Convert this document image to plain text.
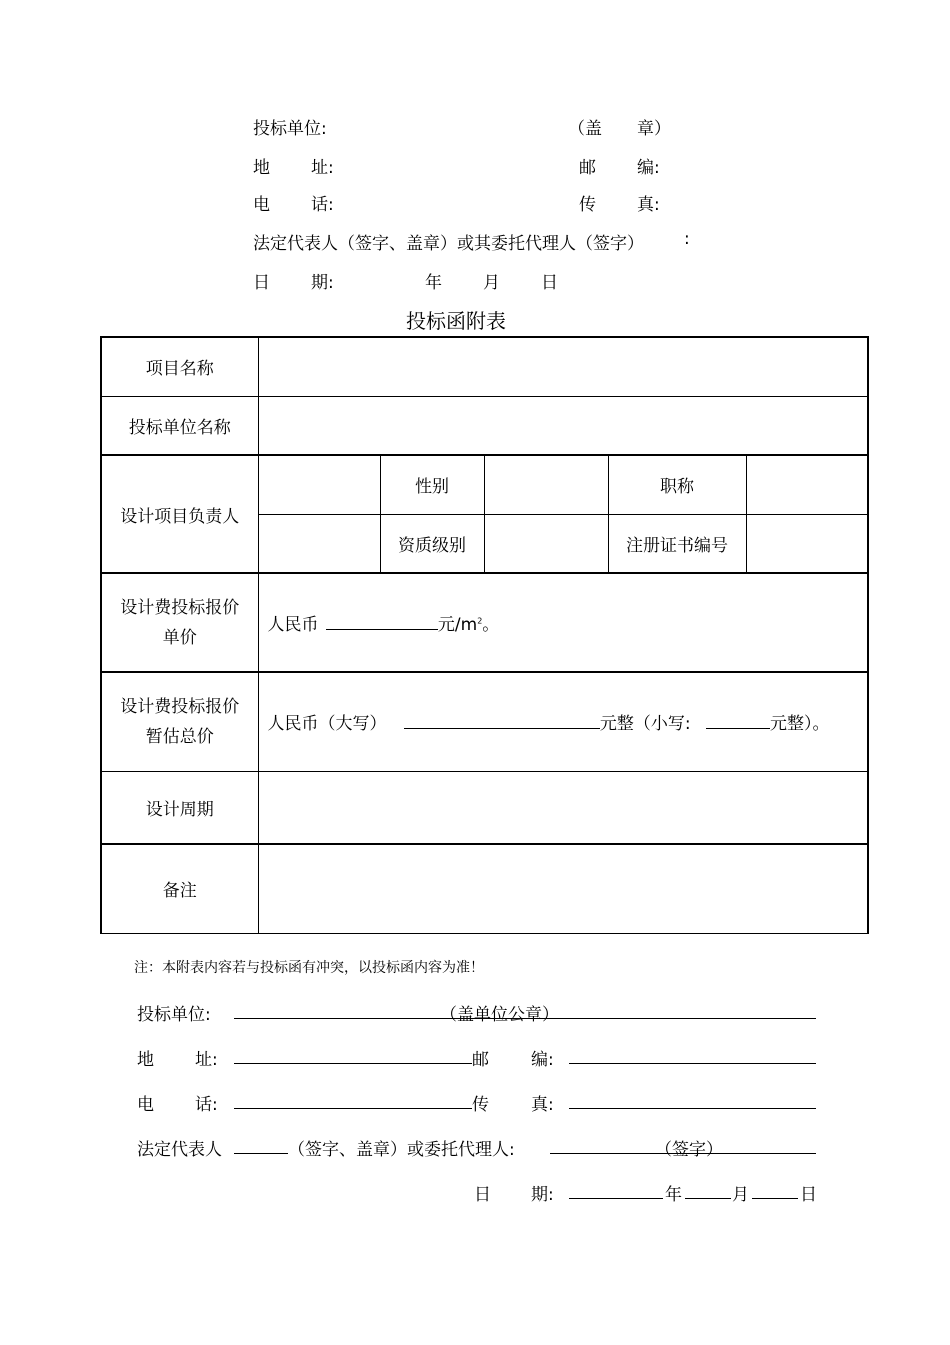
投标单位:	（盖 章）
地 址:	邮 编:
电 话:	传 真:
法定代表人（签字、盖章）或其委托代理人（签字） :
日 期:	年 月 日
投标函附表
项目名称					
投标单位名称					
设计项目负责人		性别		职称	
		资质级别		注册证书编号	
设计费投标报价
单价	人民币 元$/m^2$。				
设计费投标报价
暂估总价	人民币（大写） 元整（小写: 元整）。				
设计周期					
备注					
注：本附表内容若与投标函有冲突，以投标函内容为准！
投标单位:	（盖单位公章）
地 址:	邮 编:
电 话:	传 真:
法定代表人	（签字、盖章）或委托代理人:	（签字）
日 期:	年	月	日
